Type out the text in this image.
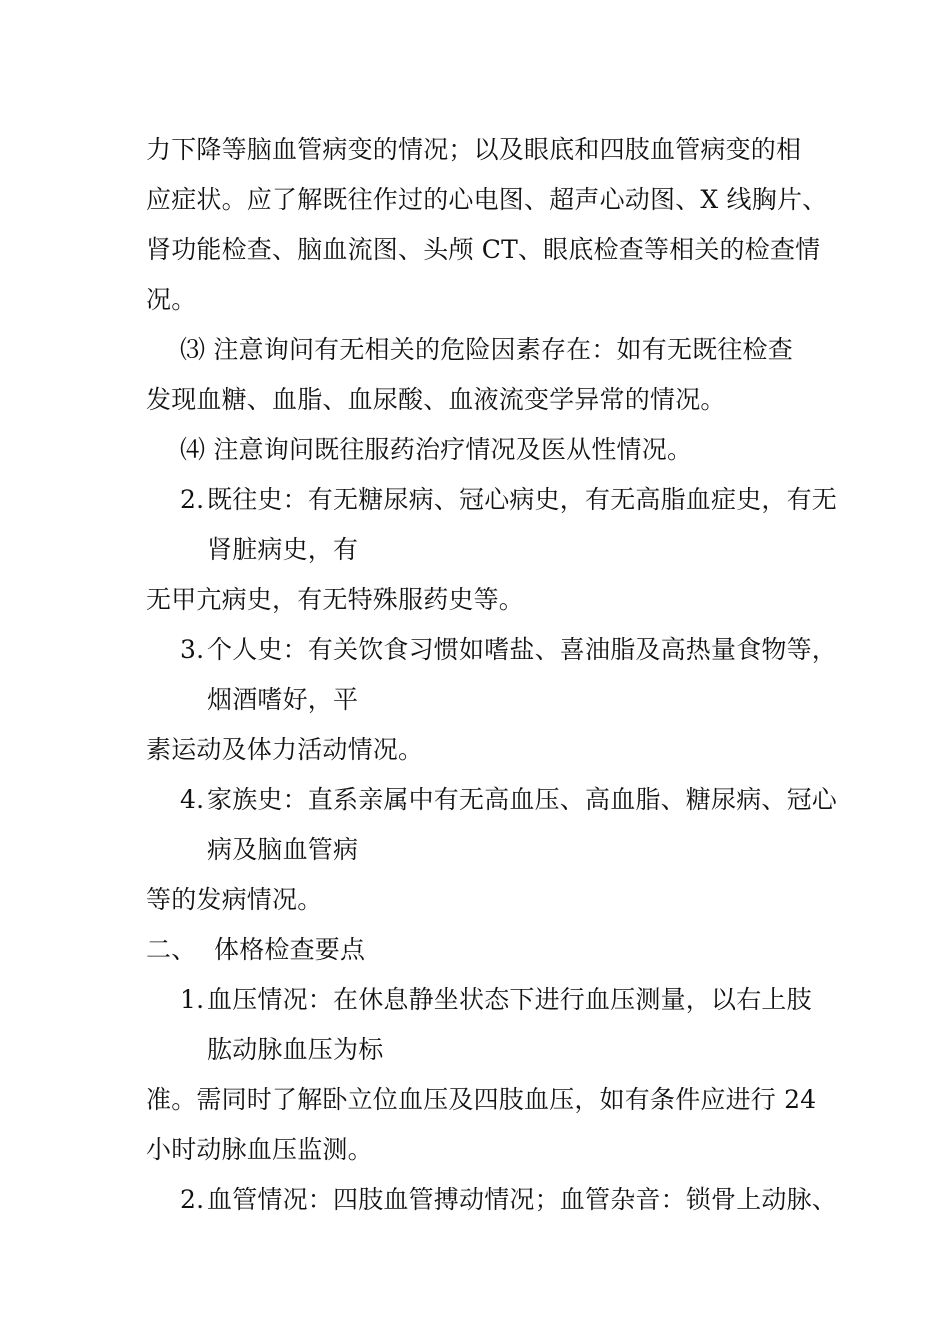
力下降等脑血管病变的情况；以及眼底和四肢血管病变的相
应症状。应了解既往作过的心电图、超声心动图、X 线胸片、
肾功能检查、脑血流图、头颅 CT、眼底检查等相关的检查情
况。
⑶ 注意询问有无相关的危险因素存在：如有无既往检查
发现血糖、血脂、血尿酸、血液流变学异常的情况。
⑷ 注意询问既往服药治疗情况及医从性情况。
2. 既往史：有无糖尿病、冠心病史，有无高脂血症史，有无
肾脏病史，有
无甲亢病史，有无特殊服药史等。
3. 个人史：有关饮食习惯如嗜盐、喜油脂及高热量食物等，
烟酒嗜好，平
素运动及体力活动情况。
4. 家族史：直系亲属中有无高血压、高血脂、糖尿病、冠心
病及脑血管病
等的发病情况。
二、 体格检查要点
1. 血压情况：在休息静坐状态下进行血压测量，以右上肢
肱动脉血压为标
准。需同时了解卧立位血压及四肢血压，如有条件应进行 24
小时动脉血压监测。
2. 血管情况：四肢血管搏动情况；血管杂音：锁骨上动脉、
